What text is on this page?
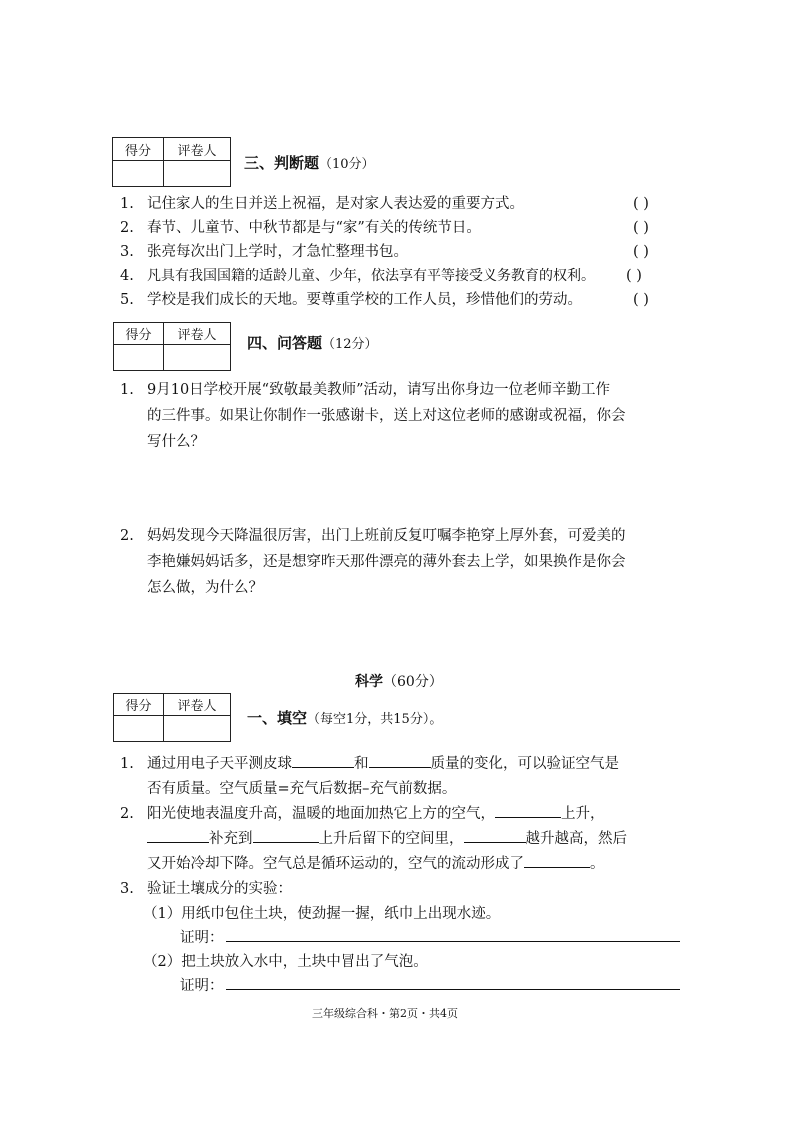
得分	评卷人

三、判断题（10分）
1. 记住家人的生日并送上祝福，是对家人表达爱的重要方式。	( )
2. 春节、儿童节、中秋节都是与“家”有关的传统节日。	( )
3. 张亮每次出门上学时，才急忙整理书包。	( )
4. 凡具有我国国籍的适龄儿童、少年，依法享有平等接受义务教育的权利。 ( )
5. 学校是我们成长的天地。要尊重学校的工作人员，珍惜他们的劳动。	( )
得分	评卷人
	四、问答题（12分）
1. 9月10日学校开展“致敬最美教师”活动，请写出你身边一位老师辛勤工作
的三件事。如果让你制作一张感谢卡，送上对这位老师的感谢或祝福，你会
写什么？
2. 妈妈发现今天降温很厉害，出门上班前反复叮嘱李艳穿上厚外套，可爱美的
李艳嫌妈妈话多，还是想穿昨天那件漂亮的薄外套去上学，如果换作是你会
怎么做，为什么？
科学（60分）
得分	评卷人

一、填空（每空1分，共15分）。
1. 通过用电子天平测皮球	和	质量的变化，可以验证空气是
否有质量。空气质量=充气后数据–充气前数据。
2. 阳光使地表温度升高，温暖的地面加热它上方的空气，	上升，
补充到	上升后留下的空间里，	越升越高，然后
又开始冷却下降。空气总是循环运动的，空气的流动形成了	。
3. 验证土壤成分的实验：
（1）用纸巾包住土块，使劲握一握，纸巾上出现水迹。
证明：
（2）把土块放入水中，土块中冒出了气泡。
证明：
三年级综合科・第2页・共4页
